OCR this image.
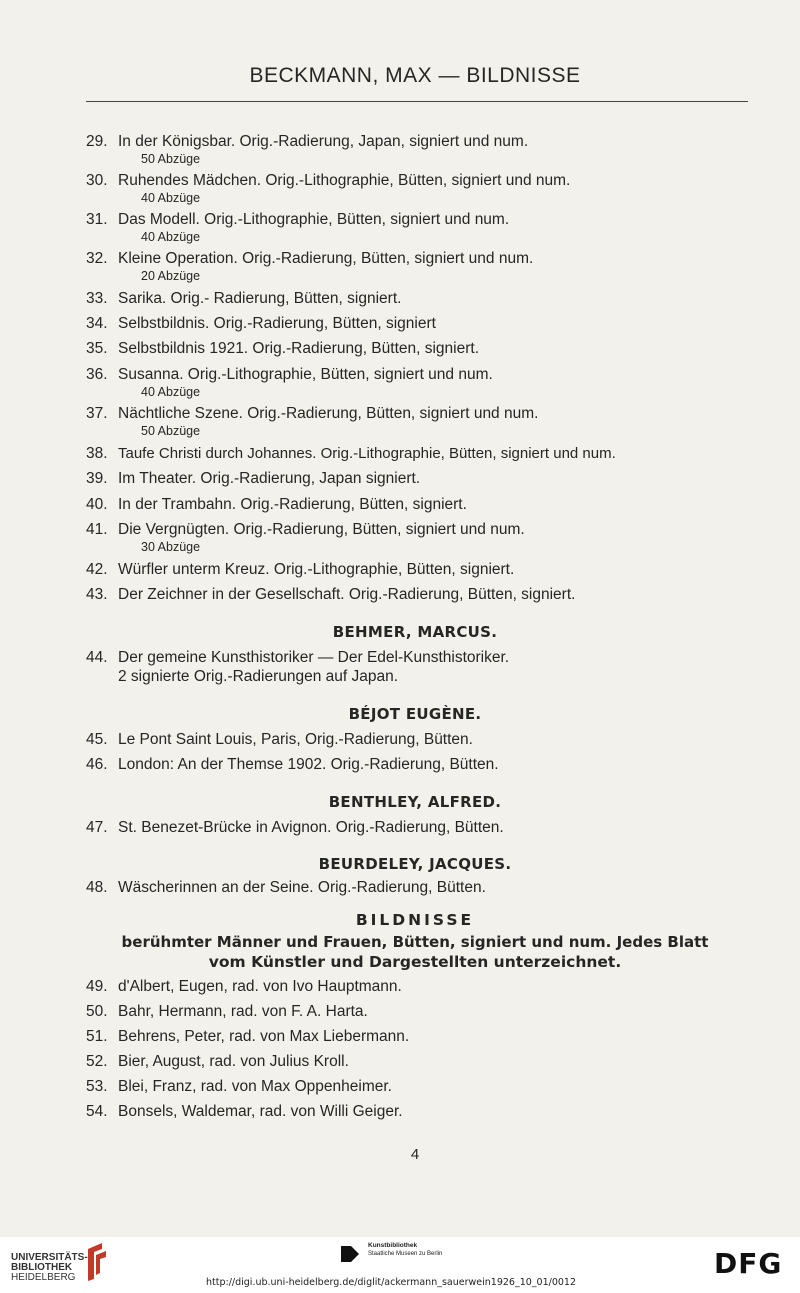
BECKMANN, MAX — BILDNISSE
29. In der Königsbar. Orig.-Radierung, Japan, signiert und num.
50 Abzüge
30. Ruhendes Mädchen. Orig.-Lithographie, Bütten, signiert und num.
40 Abzüge
31. Das Modell. Orig.-Lithographie, Bütten, signiert und num.
40 Abzüge
32. Kleine Operation. Orig.-Radierung, Bütten, signiert und num.
20 Abzüge
33. Sarika. Orig.- Radierung, Bütten, signiert.
34. Selbstbildnis. Orig.-Radierung, Bütten, signiert
35. Selbstbildnis 1921. Orig.-Radierung, Bütten, signiert.
36. Susanna. Orig.-Lithographie, Bütten, signiert und num.
40 Abzüge
37. Nächtliche Szene. Orig.-Radierung, Bütten, signiert und num.
50 Abzüge
38. Taufe Christi durch Johannes. Orig.-Lithographie, Bütten, signiert und num.
39. Im Theater. Orig.-Radierung, Japan signiert.
40. In der Trambahn. Orig.-Radierung, Bütten, signiert.
41. Die Vergnügten. Orig.-Radierung, Bütten, signiert und num.
30 Abzüge
42. Würfler unterm Kreuz. Orig.-Lithographie, Bütten, signiert.
43. Der Zeichner in der Gesellschaft. Orig.-Radierung, Bütten, signiert.
BEHMER, MARCUS.
44. Der gemeine Kunsthistoriker — Der Edel-Kunsthistoriker.
2 signierte Orig.-Radierungen auf Japan.
BÉJOT EUGÈNE.
45. Le Pont Saint Louis, Paris, Orig.-Radierung, Bütten.
46. London: An der Themse 1902. Orig.-Radierung, Bütten.
BENTHLEY, ALFRED.
47. St. Benezet-Brücke in Avignon. Orig.-Radierung, Bütten.
BEURDELEY, JACQUES.
48. Wäscherinnen an der Seine. Orig.-Radierung, Bütten.
BILDNISSE
berühmter Männer und Frauen, Bütten, signiert und num. Jedes Blatt
vom Künstler und Dargestellten unterzeichnet.
49. d'Albert, Eugen, rad. von Ivo Hauptmann.
50. Bahr, Hermann, rad. von F. A. Harta.
51. Behrens, Peter, rad. von Max Liebermann.
52. Bier, August, rad. von Julius Kroll.
53. Blei, Franz, rad. von Max Oppenheimer.
54. Bonsels, Waldemar, rad. von Willi Geiger.
4
UNIVERSITÄTS-
BIBLIOTHEK
HEIDELBERG
Kunstbibliothek
Staatliche Museen zu Berlin	DFG
http://digi.ub.uni-heidelberg.de/diglit/ackermann_sauerwein1926_10_01/0012
